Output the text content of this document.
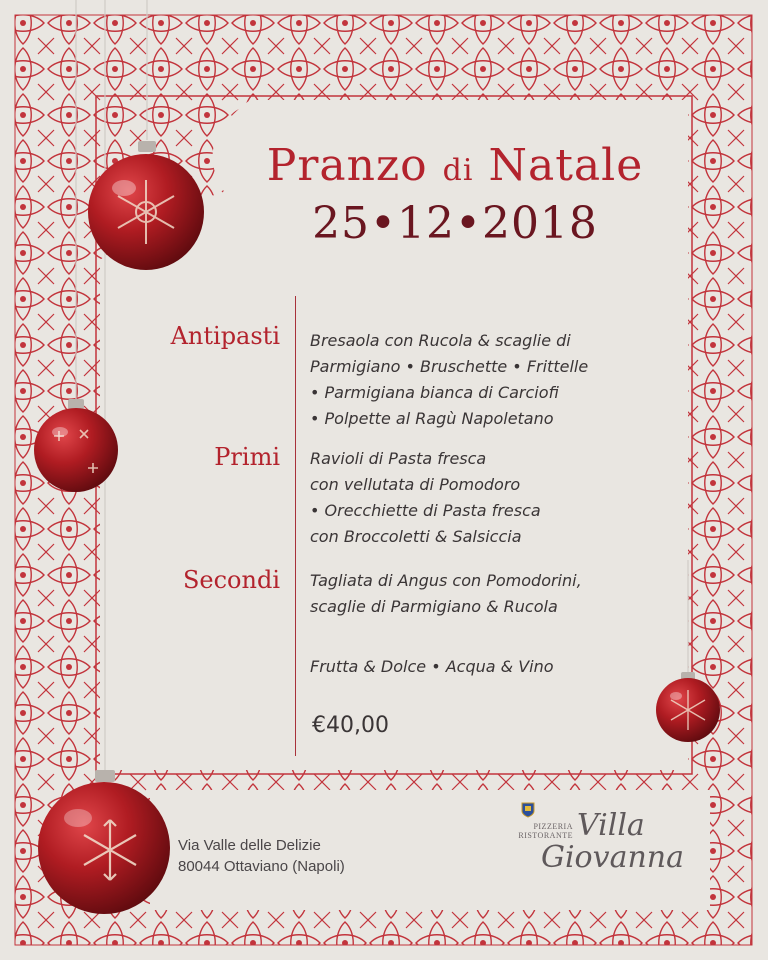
Pranzo di Natale
25•12•2018
Antipasti Bresaola con Rucola & scaglie di
Parmigiano • Bruschette • Frittelle
• Parmigiana bianca di Carciofi
• Polpette al Ragù Napoletano
Primi Ravioli di Pasta fresca
con vellutata di Pomodoro
• Orecchiette di Pasta fresca
con Broccoletti & Salsiccia
Secondi Tagliata di Angus con Pomodorini,
scaglie di Parmigiano & Rucola
Frutta & Dolce • Acqua & Vino
€40,00
Via Valle delle Delizie
80044 Ottaviano (Napoli)
PIZZERIA
RISTORANTE Villa
Giovanna
